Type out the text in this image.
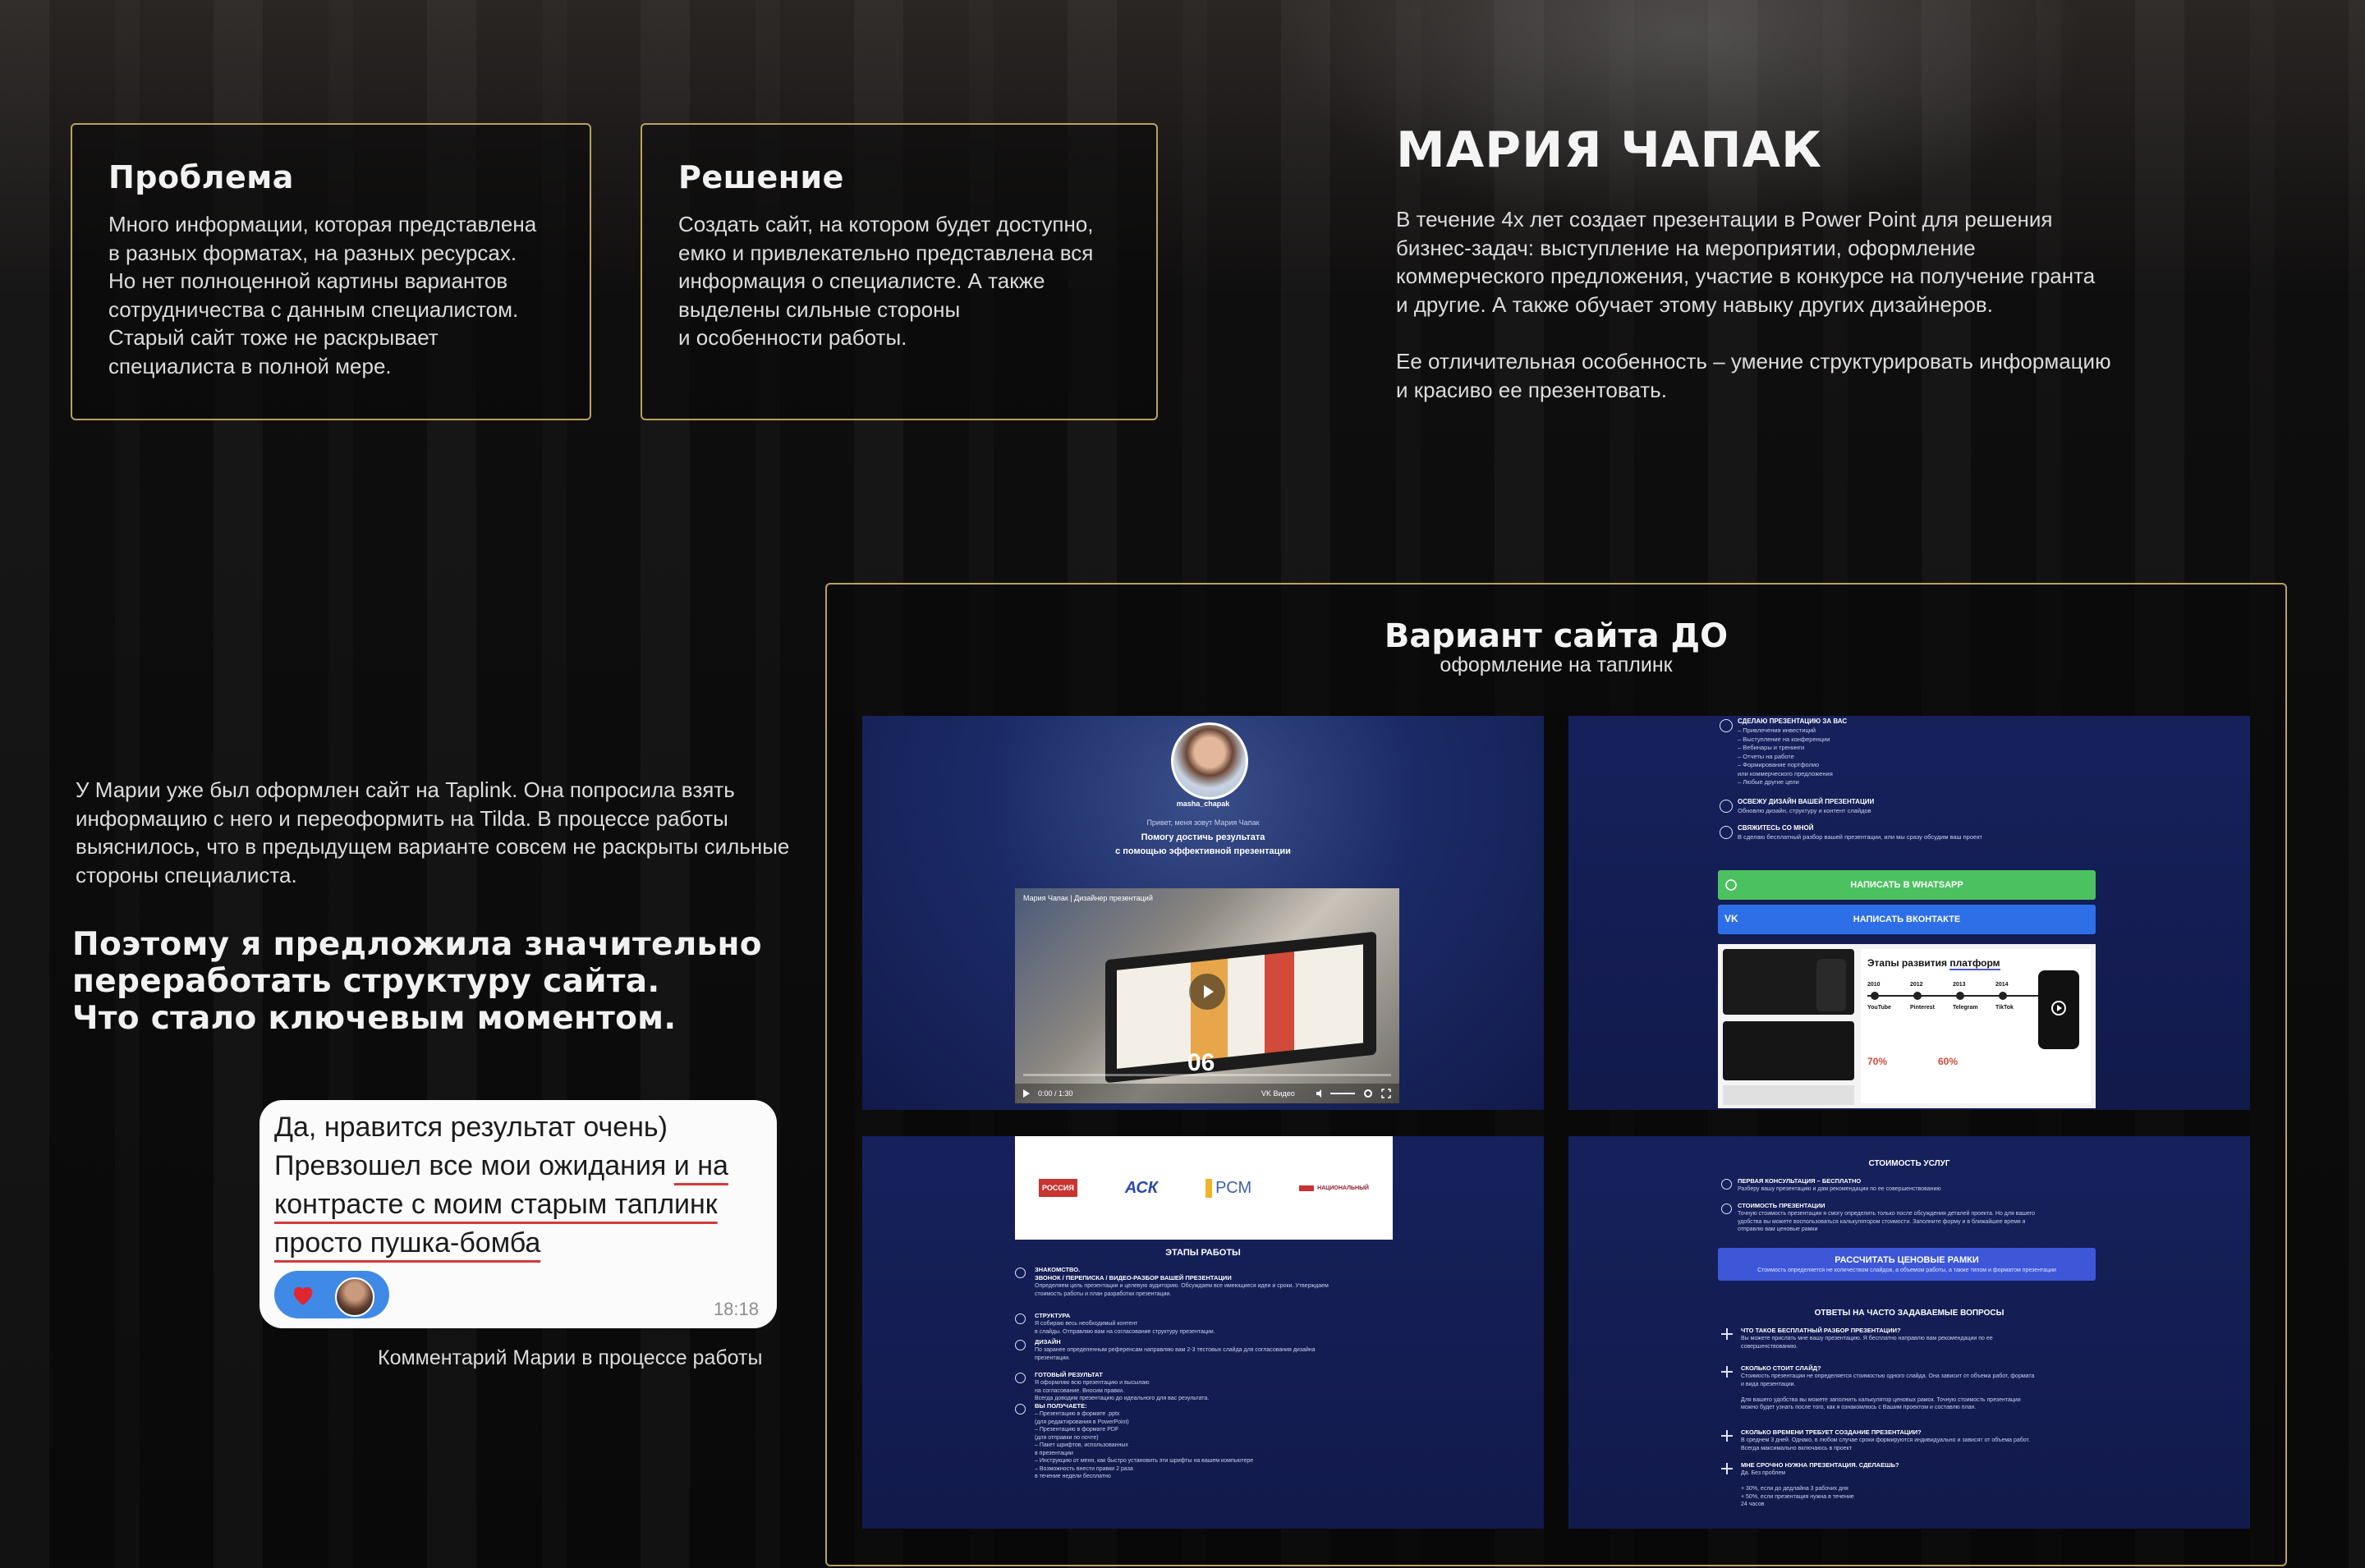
Проблема

Много информации, которая представлена
в разных форматах, на разных ресурсах.
Но нет полноценной картины вариантов
сотрудничества с данным специалистом.
Старый сайт тоже не раскрывает
специалиста в полной мере.

Решение

Создать сайт, на котором будет доступно,
емко и привлекательно представлена вся
информация о специалисте. А также
выделены сильные стороны
и особенности работы.

МАРИЯ ЧАПАК
В течение 4х лет создает презентации в Power Point для решения
бизнес-задач: выступление на мероприятии, оформление
коммерческого предложения, участие в конкурсе на получение гранта
и другие. А также обучает этому навыку других дизайнеров.
Ее отличительная особенность – умение структурировать информацию
и красиво ее презентовать.
У Марии уже был оформлен сайт на Taplink. Она попросила взять
информацию с него и переоформить на Tilda. В процессе работы
выяснилось, что в предыдущем варианте совсем не раскрыты сильные
стороны специалиста.
Поэтому я предложила значительно
переработать структуру сайта.
Что стало ключевым моментом.
Да, нравится результат очень)
Превзошел все мои ожидания и на
контрасте с моим старым таплинк
просто пушка-бомба
18:18
Комментарий Марии в процессе работы
Вариант сайта ДО
оформление на таплинк
masha_chapak
Привет, меня зовут Мария Чапак
Помогу достичь результата
с помощью эффективной презентации
Мария Чапак | Дизайнер презентаций
06
0:00 / 1:30	VK Видео
СДЕЛАЮ ПРЕЗЕНТАЦИЮ ЗА ВАС
– Привлечения инвестиций
– Выступление на конференции
– Вебинары и тренинги
– Отчеты на работе
– Формирование портфолио
или коммерческого предложения
– Любые другие цели
ОСВЕЖУ ДИЗАЙН ВАШЕЙ ПРЕЗЕНТАЦИИ
Обновлю дизайн, структуру и контент слайдов
СВЯЖИТЕСЬ СО МНОЙ
В сделаю бесплатный разбор вашей презентации, или мы сразу обсудим ваш проект
НАПИСАТЬ В WHATSAPP
VK	НАПИСАТЬ ВКОНТАКТЕ
Этапы развития платформ
2010
YouTube
2012
Pinterest
2013
Telegram
2014
TikTok
70%	60%
РОССИЯ	АСК	РСМ	НАЦИОНАЛЬНЫЙ
ЭТАПЫ РАБОТЫ
ЗНАКОМСТВО.
ЗВОНОК / ПЕРЕПИСКА / ВИДЕО-РАЗБОР ВАШЕЙ ПРЕЗЕНТАЦИИ
Определяем цель презентации и целевую аудиторию. Обсуждаем все имеющиеся идеи и сроки. Утверждаем
стоимость работы и план разработки презентации.
СТРУКТУРА
Я собираю весь необходимый контент
в слайды. Отправляю вам на согласование структуру презентации.
ДИЗАЙН
По заранее определенным референсам направляю вам 2-3 тестовых слайда для согласования дизайна
презентации.
ГОТОВЫЙ РЕЗУЛЬТАТ
Я оформляю всю презентацию и высылаю
на согласование. Вносим правки.
Всегда доводим презентацию до идеального для вас результата.
ВЫ ПОЛУЧАЕТЕ:
– Презентацию в формате .pptx
(для редактирования в PowerPoint)
– Презентацию в формате PDF
(для отправки по почте)
– Пакет шрифтов, использованных
в презентации
– Инструкцию от меня, как быстро установить эти шрифты на вашем компьютере
– Возможность внести правки 2 раза
в течение недели бесплатно
СТОИМОСТЬ УСЛУГ
ПЕРВАЯ КОНСУЛЬТАЦИЯ – БЕСПЛАТНО
Разберу вашу презентацию и дам рекомендации по ее совершенствованию
СТОИМОСТЬ ПРЕЗЕНТАЦИИ
Точную стоимость презентации я смогу определить только после обсуждения деталей проекта. Но для вашего
удобства вы можете воспользоваться калькулятором стоимости. Заполните форму и в ближайшее время я
отправлю вам ценовые рамки
РАССЧИТАТЬ ЦЕНОВЫЕ РАМКИ
Стоимость определяется не количеством слайдов, а объемом работы, а также типом и форматом презентации
ОТВЕТЫ НА ЧАСТО ЗАДАВАЕМЫЕ ВОПРОСЫ
ЧТО ТАКОЕ БЕСПЛАТНЫЙ РАЗБОР ПРЕЗЕНТАЦИИ?
Вы можете прислать мне вашу презентацию. Я бесплатно направлю вам рекомендации по ее
совершенствованию.
СКОЛЬКО СТОИТ СЛАЙД?
Стоимость презентации не определяется стоимостью одного слайда. Она зависит от объема работ, формата
и вида презентации.

Для вашего удобства вы можете заполнить калькулятор ценовых рамок. Точную стоимость презентации
можно будет узнать после того, как я ознакомлюсь с Вашим проектом и составлю план.
СКОЛЬКО ВРЕМЕНИ ТРЕБУЕТ СОЗДАНИЕ ПРЕЗЕНТАЦИИ?
В среднем 3 дней. Однако, в любом случае сроки формируются индивидуально и зависят от объема работ.
Всегда максимально включаюсь в проект
МНЕ СРОЧНО НУЖНА ПРЕЗЕНТАЦИЯ. СДЕЛАЕШЬ?
Да. Без проблем

+ 30%, если до дедлайна 3 рабочих дня
+ 50%, если презентация нужна в течение
24 часов
